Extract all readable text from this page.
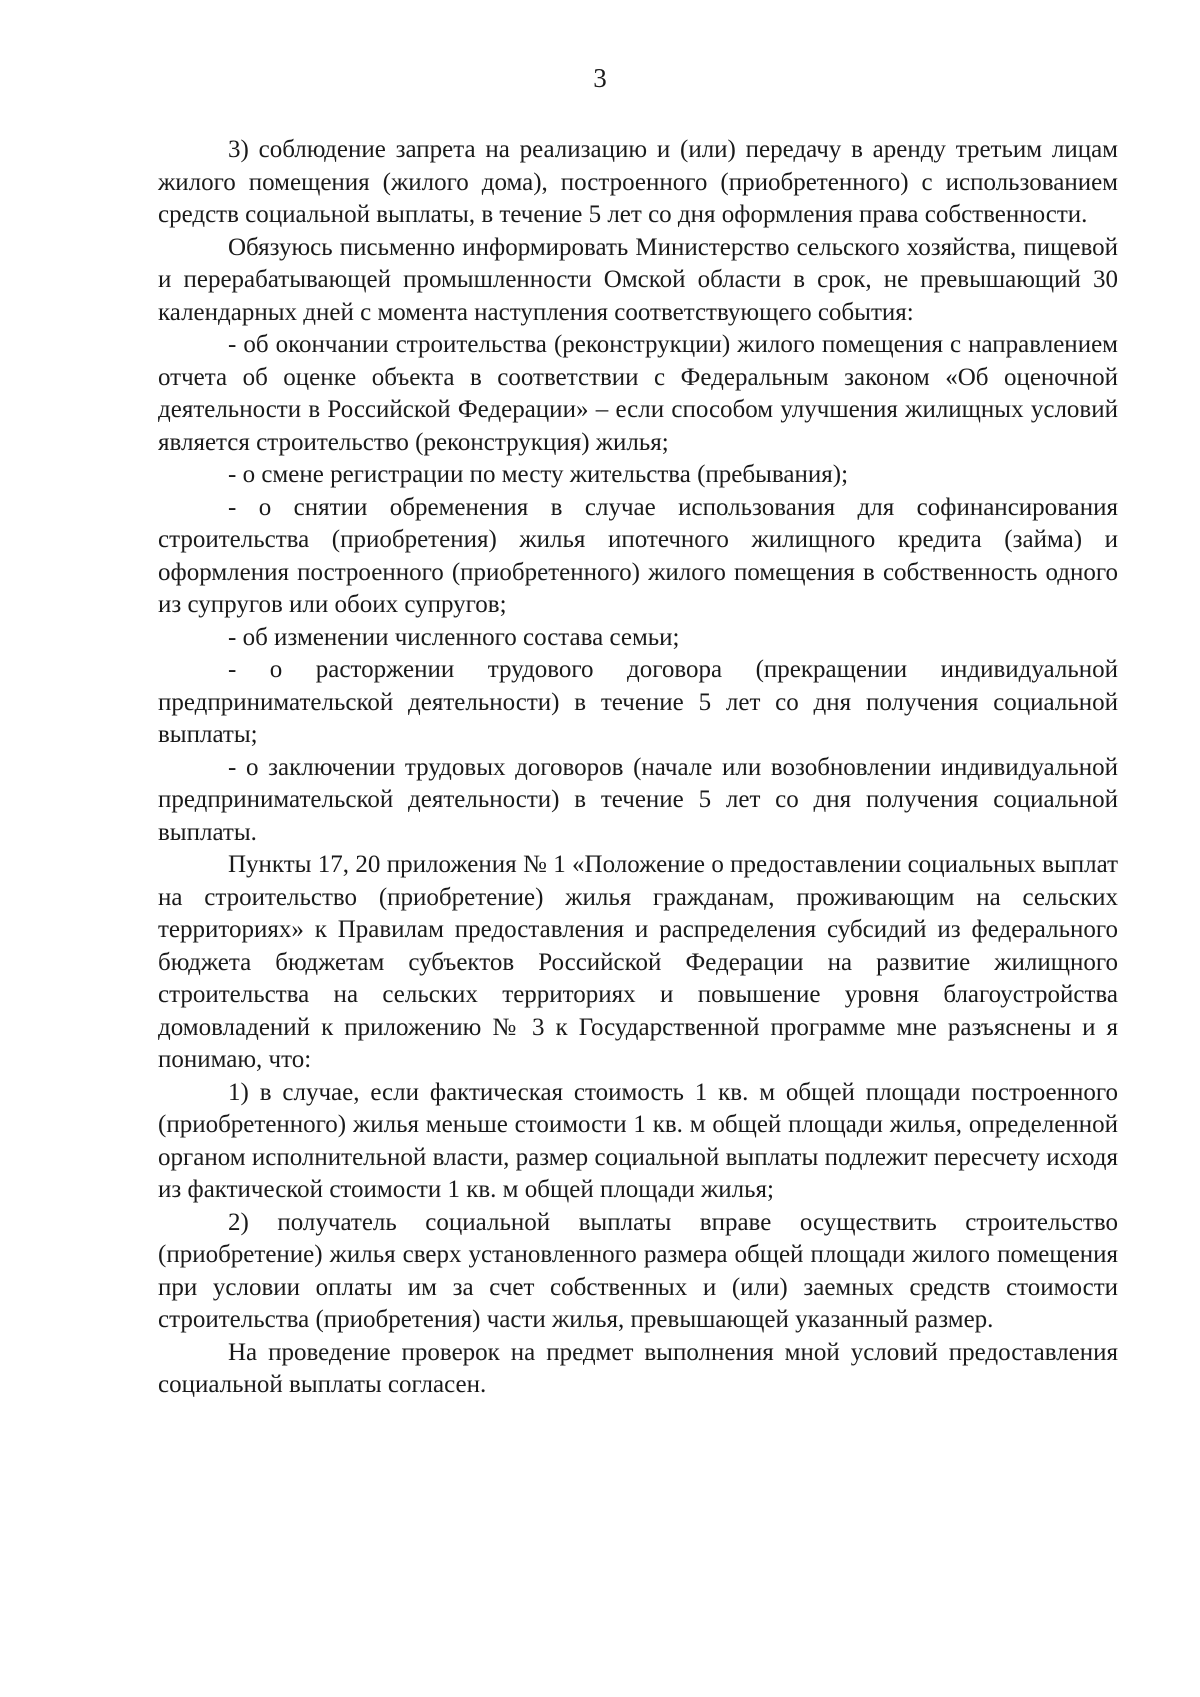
3

3) соблюдение запрета на реализацию и (или) передачу в аренду третьим лицам жилого помещения (жилого дома), построенного (приобретенного) с использованием средств социальной выплаты, в течение 5 лет со дня оформления права собственности.

Обязуюсь письменно информировать Министерство сельского хозяйства, пищевой и перерабатывающей промышленности Омской области в срок, не превышающий 30 календарных дней с момента наступления соответствующего события:

- об окончании строительства (реконструкции) жилого помещения с направлением отчета об оценке объекта в соответствии с Федеральным законом «Об оценочной деятельности в Российской Федерации» – если способом улучшения жилищных условий является строительство (реконструкция) жилья;

- о смене регистрации по месту жительства (пребывания);

- о снятии обременения в случае использования для софинансирования строительства (приобретения) жилья ипотечного жилищного кредита (займа) и оформления построенного (приобретенного) жилого помещения в собственность одного из супругов или обоих супругов;

- об изменении численного состава семьи;

- о расторжении трудового договора (прекращении индивидуальной предпринимательской деятельности) в течение 5 лет со дня получения социальной выплаты;

- о заключении трудовых договоров (начале или возобновлении индивидуальной предпринимательской деятельности) в течение 5 лет со дня получения социальной выплаты.

Пункты 17, 20 приложения № 1 «Положение о предоставлении социальных выплат на строительство (приобретение) жилья гражданам, проживающим на сельских территориях» к Правилам предоставления и распределения субсидий из федерального бюджета бюджетам субъектов Российской Федерации на развитие жилищного строительства на сельских территориях и повышение уровня благоустройства домовладений к приложению № 3 к Государственной программе мне разъяснены и я понимаю, что:

1) в случае, если фактическая стоимость 1 кв. м общей площади построенного (приобретенного) жилья меньше стоимости 1 кв. м общей площади жилья, определенной органом исполнительной власти, размер социальной выплаты подлежит пересчету исходя из фактической стоимости 1 кв. м общей площади жилья;

2) получатель социальной выплаты вправе осуществить строительство (приобретение) жилья сверх установленного размера общей площади жилого помещения при условии оплаты им за счет собственных и (или) заемных средств стоимости строительства (приобретения) части жилья, превышающей указанный размер.

На проведение проверок на предмет выполнения мной условий предоставления социальной выплаты согласен.
